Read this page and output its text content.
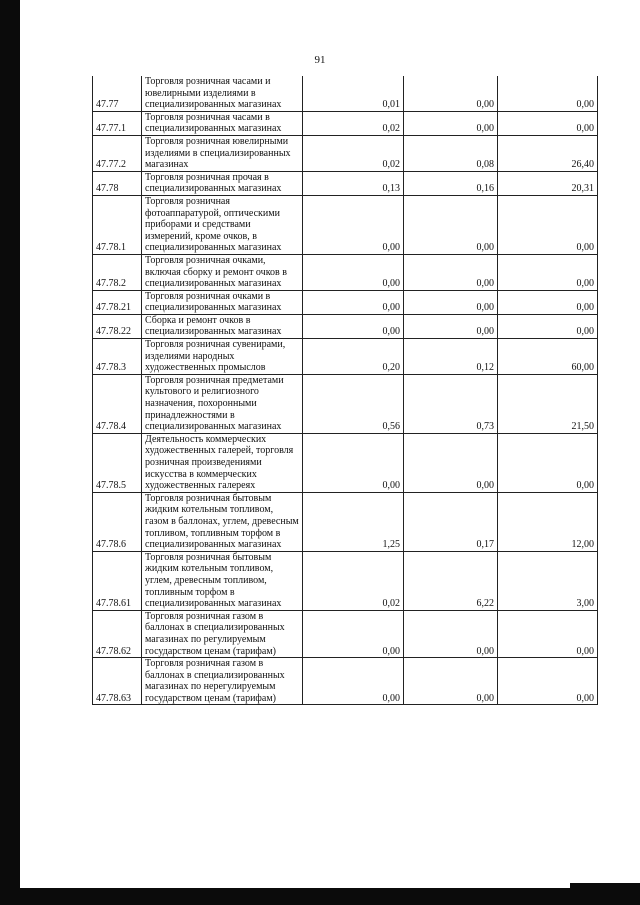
91
47.77	Торговля розничная часами и ювелирными изделиями в специализированных магазинах	0,01	0,00	0,00
47.77.1	Торговля розничная часами в специализированных магазинах	0,02	0,00	0,00
47.77.2	Торговля розничная ювелирными изделиями в специализированных магазинах	0,02	0,08	26,40
47.78	Торговля розничная прочая в специализированных магазинах	0,13	0,16	20,31
47.78.1	Торговля розничная фотоаппаратурой, оптическими приборами и средствами измерений, кроме очков, в специализированных магазинах	0,00	0,00	0,00
47.78.2	Торговля розничная очками, включая сборку и ремонт очков в специализированных магазинах	0,00	0,00	0,00
47.78.21	Торговля розничная очками в специализированных магазинах	0,00	0,00	0,00
47.78.22	Сборка и ремонт очков в специализированных магазинах	0,00	0,00	0,00
47.78.3	Торговля розничная сувенирами, изделиями народных художественных промыслов	0,20	0,12	60,00
47.78.4	Торговля розничная предметами культового и религиозного назначения, похоронными принадлежностями в специализированных магазинах	0,56	0,73	21,50
47.78.5	Деятельность коммерческих художественных галерей, торговля розничная произведениями искусства в коммерческих художественных галереях	0,00	0,00	0,00
47.78.6	Торговля розничная бытовым жидким котельным топливом, газом в баллонах, углем, древесным топливом, топливным торфом в специализированных магазинах	1,25	0,17	12,00
47.78.61	Торговля розничная бытовым жидким котельным топливом, углем, древесным топливом, топливным торфом в специализированных магазинах	0,02	6,22	3,00
47.78.62	Торговля розничная газом в баллонах в специализированных магазинах по регулируемым государством ценам (тарифам)	0,00	0,00	0,00
47.78.63	Торговля розничная газом в баллонах в специализированных магазинах по нерегулируемым государством ценам (тарифам)	0,00	0,00	0,00
